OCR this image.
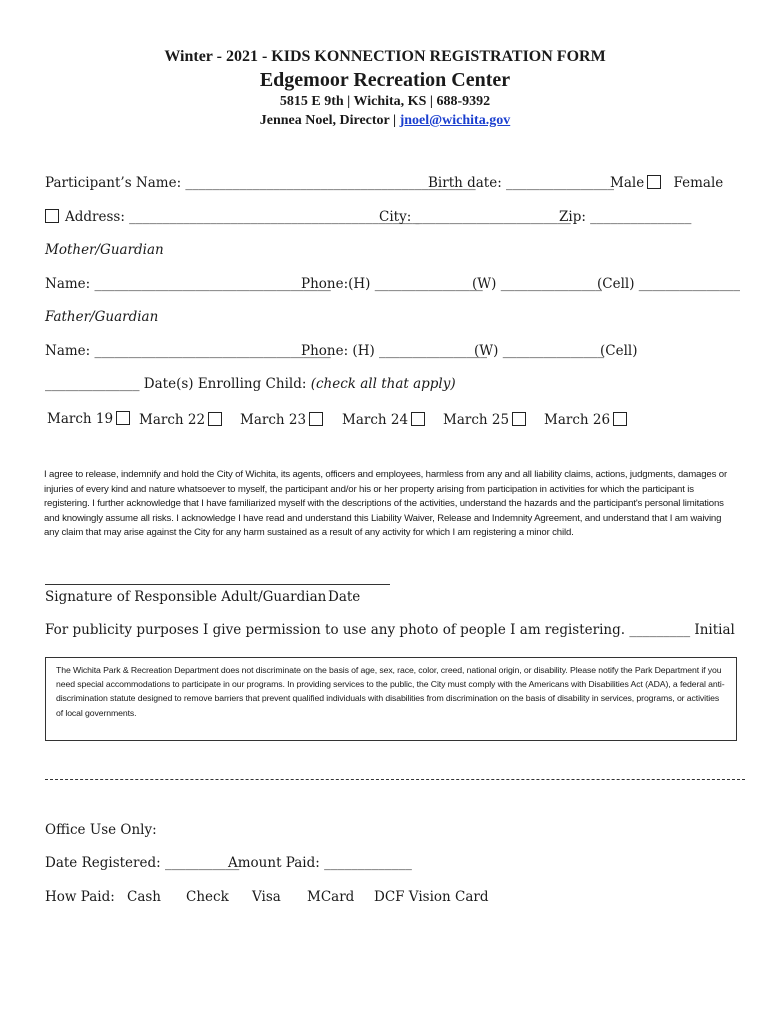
Winter - 2021 - KIDS KONNECTION REGISTRATION FORM
Edgemoor Recreation Center
5815 E 9th | Wichita, KS | 688-9392
Jennea Noel, Director | jnoel@wichita.gov
Participant’s Name: ___________________________________________
Birth date: ________________
Male Female
Address: ___________________________________________
City: _______________________
Zip: _______________
Mother/Guardian
Name: ___________________________________
Phone:(H) ________________
(W) _______________
(Cell) _______________
Father/Guardian
Name: ___________________________________
Phone: (H) ________________
(W) _______________
(Cell)
______________ Date(s) Enrolling Child: (check all that apply)
March 19	March 22	March 23	March 24	March 25	March 26
I agree to release, indemnify and hold the City of Wichita, its agents, officers and employees, harmless from any and all liability claims, actions, judgments, damages or injuries of every kind and nature whatsoever to myself, the participant and/or his or her property arising from participation in activities for which the participant is registering. I further acknowledge that I have familiarized myself with the descriptions of the activities, understand the hazards and the participant's personal limitations and knowingly assume all risks. I acknowledge I have read and understand this Liability Waiver, Release and Indemnity Agreement, and understand that I am waiving any claim that may arise against the City for any harm sustained as a result of any activity for which I am registering a minor child.
Signature of Responsible Adult/Guardian Date
For publicity purposes I give permission to use any photo of people I am registering. _________ Initial
The Wichita Park & Recreation Department does not discriminate on the basis of age, sex, race, color, creed, national origin, or disability. Please notify the Park Department if you need special accommodations to participate in our programs. In providing services to the public, the City must comply with the Americans with Disabilities Act (ADA), a federal anti-discrimination statute designed to remove barriers that prevent qualified individuals with disabilities from discrimination on the basis of disability in services, programs, or activities of local governments.
Office Use Only:
Date Registered: ___________
Amount Paid: _____________
How Paid: Cash Check Visa MCard DCF Vision Card
